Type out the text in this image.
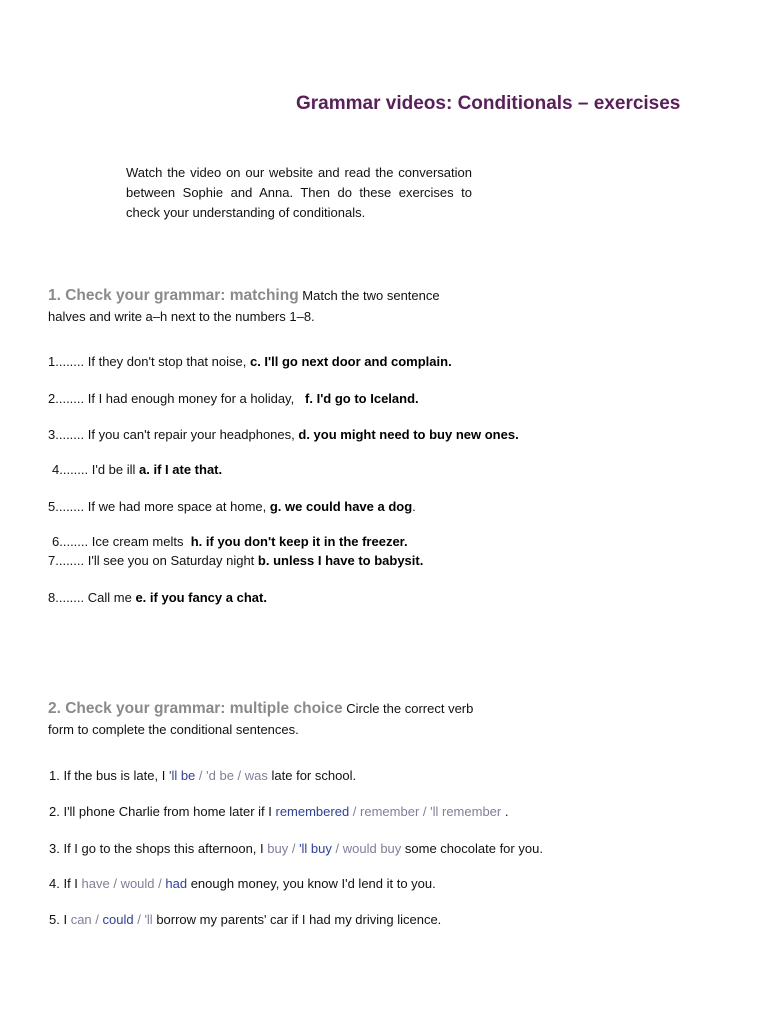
Grammar videos: Conditionals – exercises
Watch the video on our website and read the conversation between Sophie and Anna. Then do these exercises to check your understanding of conditionals.
1. Check your grammar: matching Match the two sentence halves and write a–h next to the numbers 1–8.
1........ If they don't stop that noise, c. I'll go next door and complain.
2........ If I had enough money for a holiday, f. I'd go to Iceland.
3........ If you can't repair your headphones, d. you might need to buy new ones.
4........ I'd be ill a. if I ate that.
5........ If we had more space at home, g. we could have a dog.
6........ Ice cream melts h. if you don't keep it in the freezer.
7........ I'll see you on Saturday night b. unless I have to babysit.
8........ Call me e. if you fancy a chat.
2. Check your grammar: multiple choice Circle the correct verb form to complete the conditional sentences.
1. If the bus is late, I 'll be / 'd be / was late for school.
2. I'll phone Charlie from home later if I remembered / remember / 'll remember .
3. If I go to the shops this afternoon, I buy / 'll buy / would buy some chocolate for you.
4. If I have / would / had enough money, you know I'd lend it to you.
5. I can / could / 'll borrow my parents' car if I had my driving licence.
